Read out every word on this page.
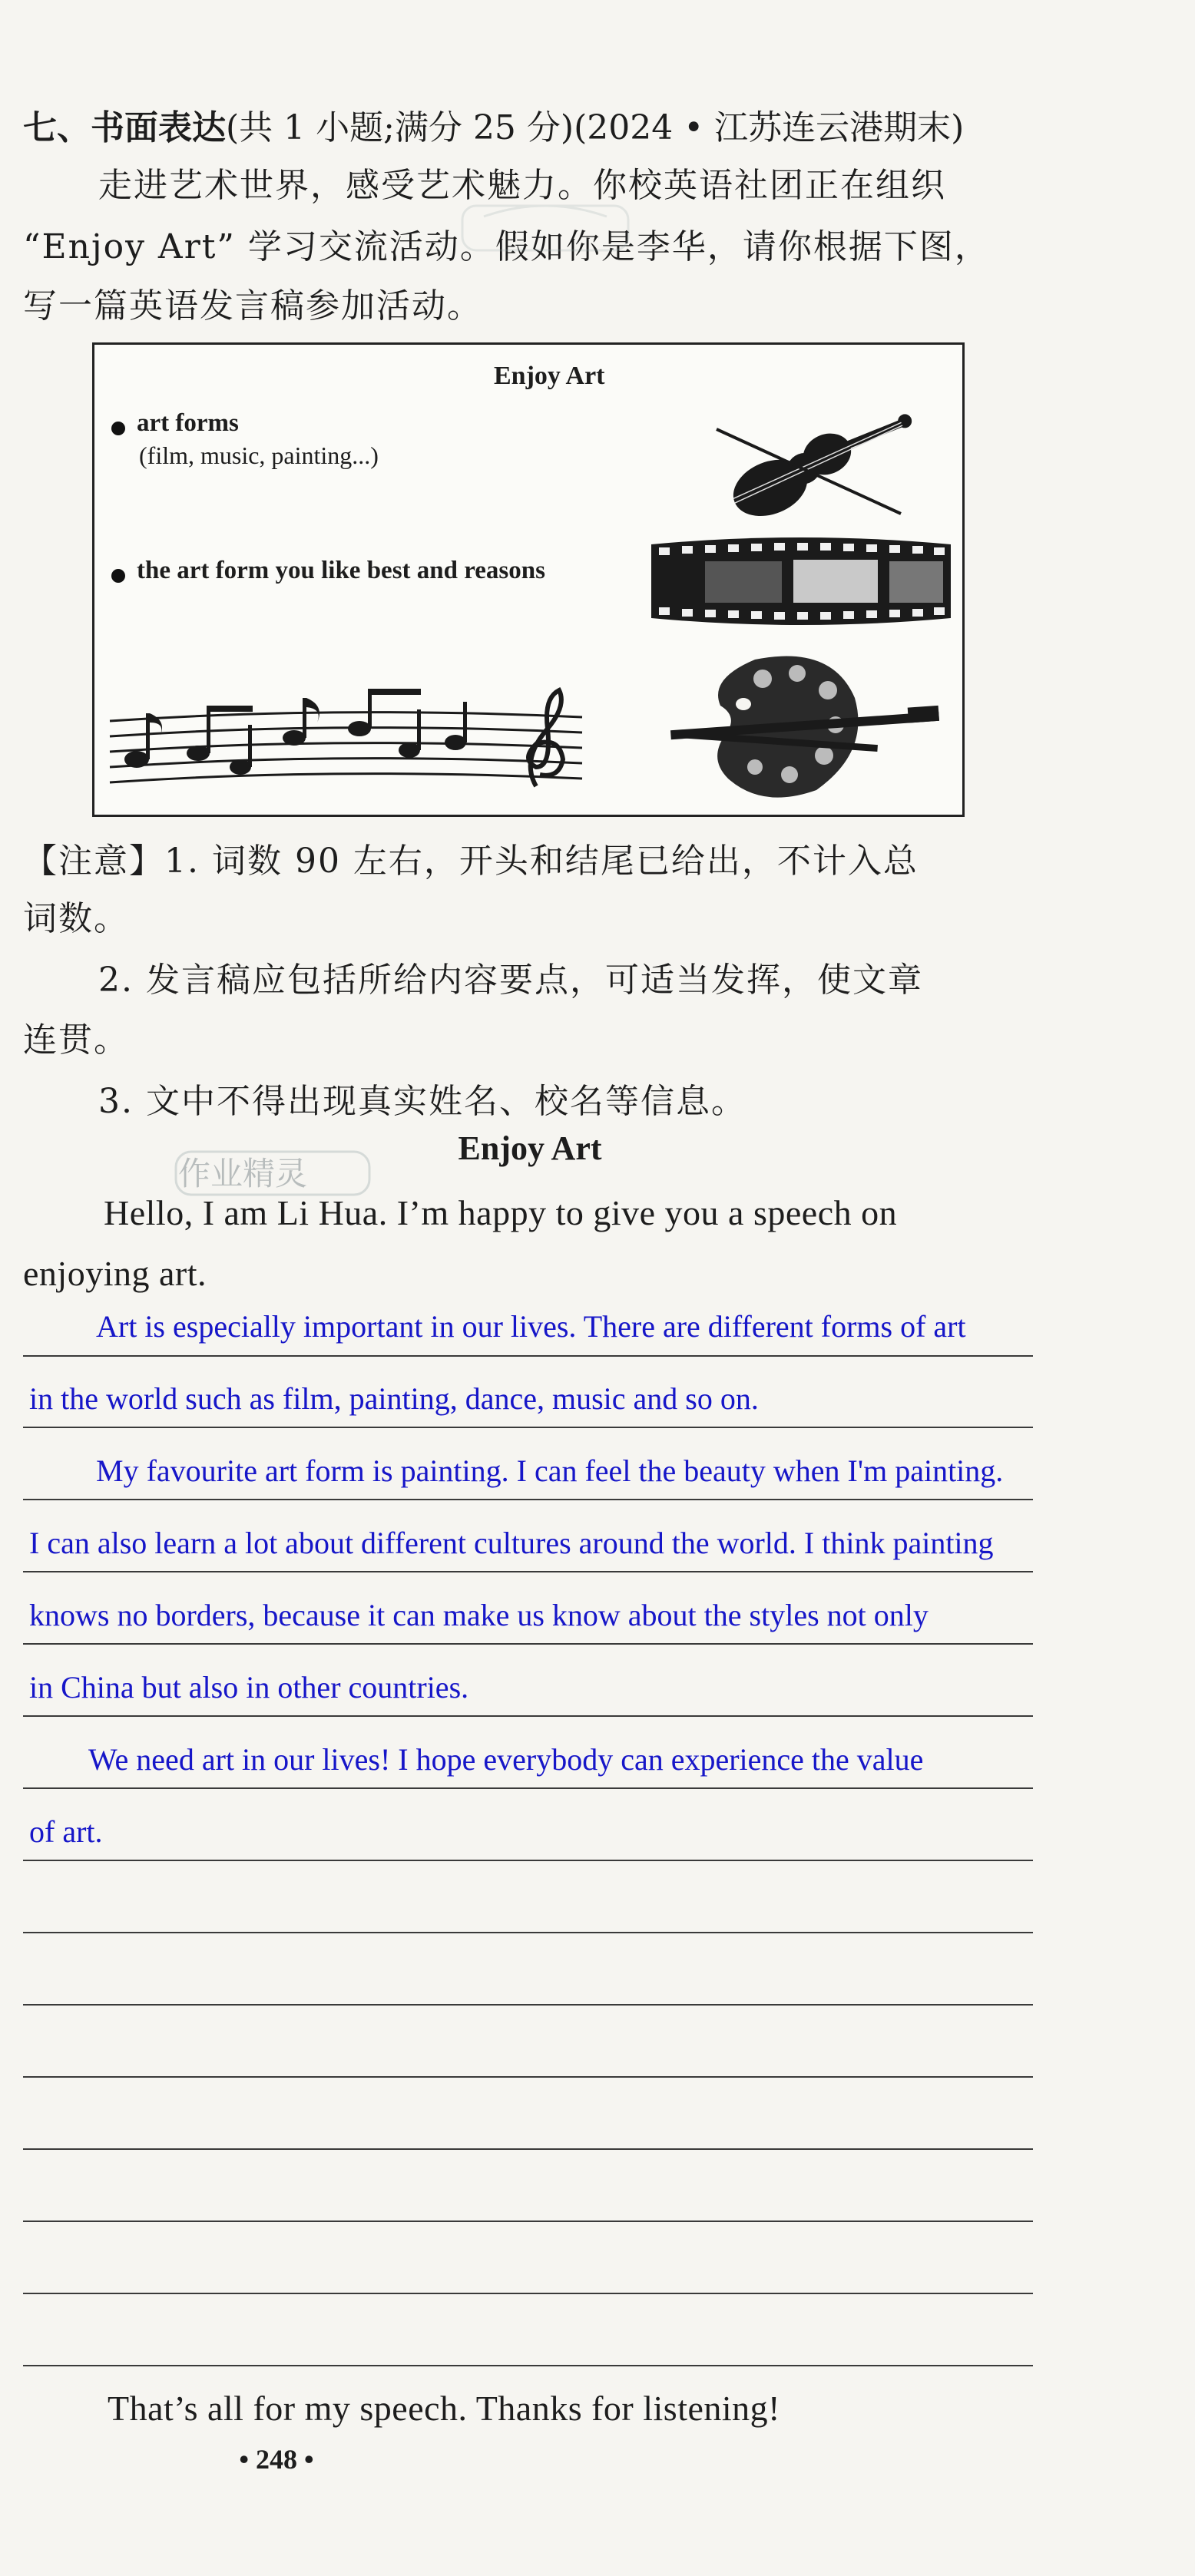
七、书面表达(共 1 小题;满分 25 分)(2024 • 江苏连云港期末)
走进艺术世界，感受艺术魅力。你校英语社团正在组织
“Enjoy Art” 学习交流活动。假如你是李华，请你根据下图，
写一篇英语发言稿参加活动。
Enjoy Art
art forms
(film, music, painting...)
the art form you like best and reasons
【注意】1. 词数 90 左右，开头和结尾已给出，不计入总
词数。
2. 发言稿应包括所给内容要点，可适当发挥，使文章
连贯。
3. 文中不得出现真实姓名、校名等信息。
作业精灵
Enjoy Art
Hello, I am Li Hua. I’m happy to give you a speech on
enjoying art.
Art is especially important in our lives. There are different forms of art
in the world such as film, painting, dance, music and so on.
My favourite art form is painting. I can feel the beauty when I'm painting.
I can also learn a lot about different cultures around the world. I think painting
knows no borders, because it can make us know about the styles not only
in China but also in other countries.
We need art in our lives! I hope everybody can experience the value
of art.
That’s all for my speech. Thanks for listening!
• 248 •
